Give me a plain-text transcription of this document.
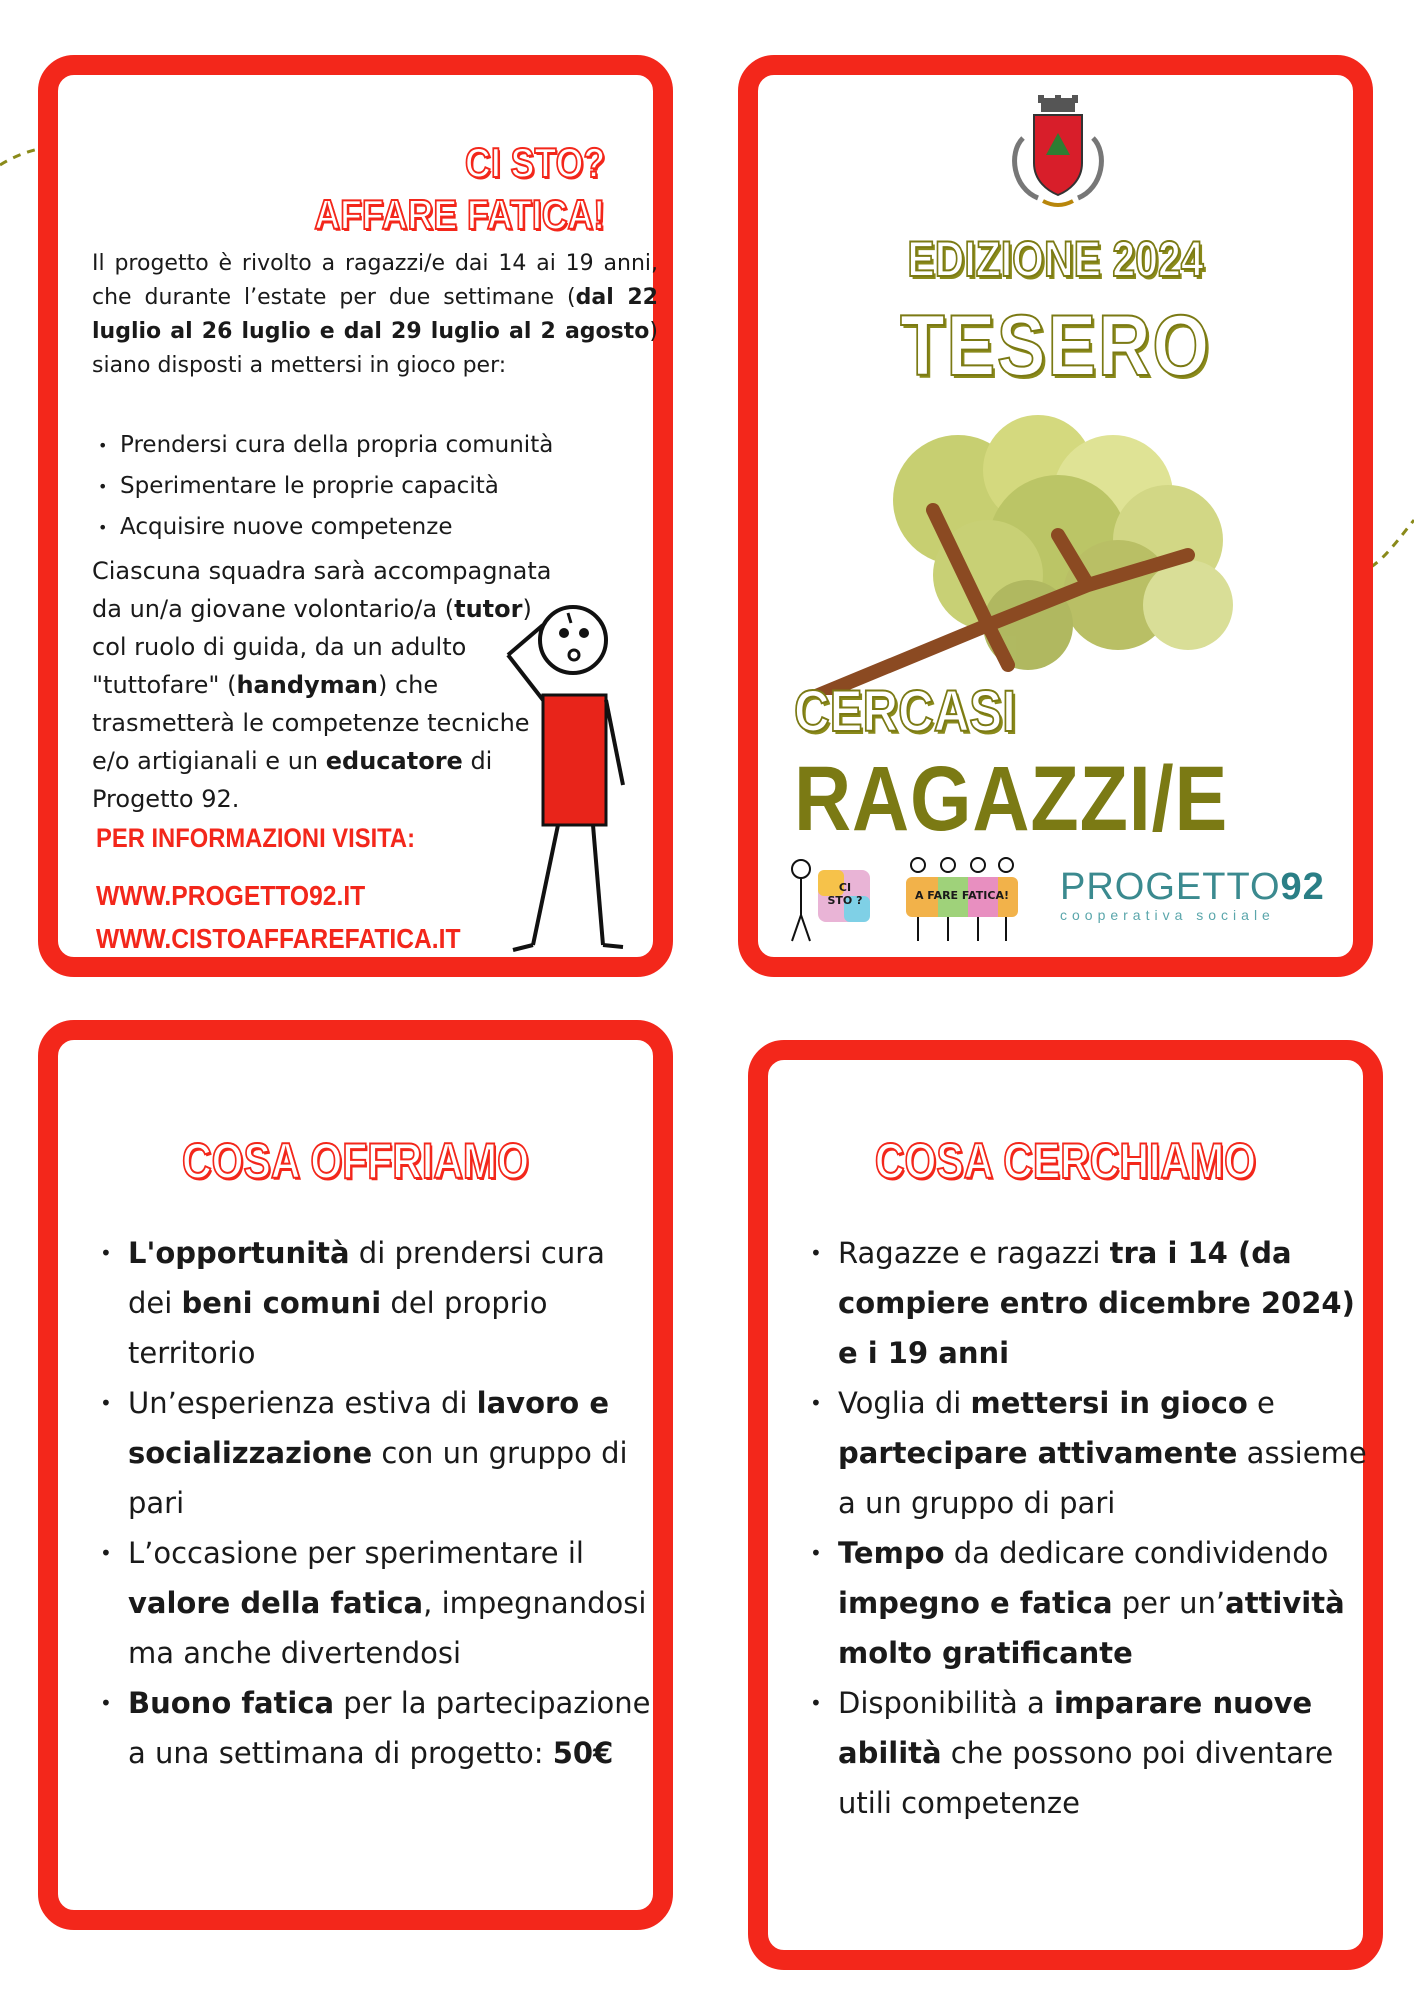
CI STO?
AFFARE FATICA!
Il progetto è rivolto a ragazzi/e dai 14 ai 19 anni, che durante l’estate per due settimane (dal 22 luglio al 26 luglio e dal 29 luglio al 2 agosto) siano disposti a mettersi in gioco per:
• Prendersi cura della propria comunità
• Sperimentare le proprie capacità
• Acquisire nuove competenze
Ciascuna squadra sarà accompagnata da un/a giovane volontario/a (tutor) col ruolo di guida, da un adulto "tuttofare" (handyman) che trasmetterà le competenze tecniche e/o artigianali e un educatore di Progetto 92.
PER INFORMAZIONI VISITA:
WWW.PROGETTO92.IT
WWW.CISTOAFFAREFATICA.IT
EDIZIONE 2024
TESERO
CERCASI
RAGAZZI/E
CI STO ?	A FARE FATICA! PROGETTO92
cooperativa sociale
COSA OFFRIAMO
• L'opportunità di prendersi cura dei beni comuni del proprio territorio
• Un’esperienza estiva di lavoro e socializzazione con un gruppo di pari
• L’occasione per sperimentare il valore della fatica, impegnandosi ma anche divertendosi
• Buono fatica per la partecipazione a una settimana di progetto: 50€
COSA CERCHIAMO
• Ragazze e ragazzi tra i 14 (da compiere entro dicembre 2024) e i 19 anni
• Voglia di mettersi in gioco e partecipare attivamente assieme a un gruppo di pari
• Tempo da dedicare condividendo impegno e fatica per un’attività molto gratificante
• Disponibilità a imparare nuove abilità che possono poi diventare utili competenze
